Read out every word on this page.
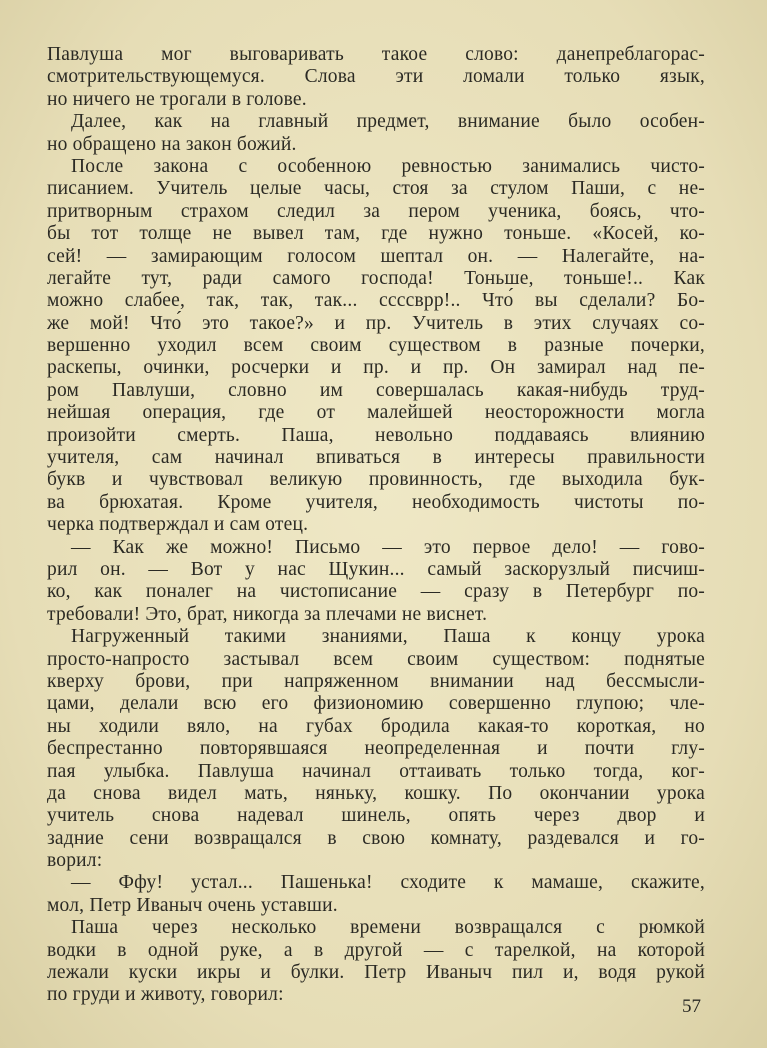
Павлуша мог выговаривать такое слово: данепреблагорас-
смотрительствующемуся. Слова эти ломали только язык,
но ничего не трогали в голове.
Далее, как на главный предмет, внимание было особен-
но обращено на закон божий.
После закона с особенною ревностью занимались чисто-
писанием. Учитель целые часы, стоя за стулом Паши, с не-
притворным страхом следил за пером ученика, боясь, что-
бы тот толще не вывел там, где нужно тоньше. «Косей, ко-
сей! — замирающим голосом шептал он. — Налегайте, на-
легайте тут, ради самого господа! Тоньше, тоньше!.. Как
можно слабее, так, так, так... ссссврр!.. Что́ вы сделали? Бо-
же мой! Что́ это такое?» и пр. Учитель в этих случаях со-
вершенно уходил всем своим существом в разные почерки,
раскепы, очинки, росчерки и пр. и пр. Он замирал над пе-
ром Павлуши, словно им совершалась какая-нибудь труд-
нейшая операция, где от малейшей неосторожности могла
произойти смерть. Паша, невольно поддаваясь влиянию
учителя, сам начинал впиваться в интересы правильности
букв и чувствовал великую провинность, где выходила бук-
ва брюхатая. Кроме учителя, необходимость чистоты по-
черка подтверждал и сам отец.
— Как же можно! Письмо — это первое дело! — гово-
рил он. — Вот у нас Щукин... самый заскорузлый писчиш-
ко, как поналег на чистописание — сразу в Петербург по-
требовали! Это, брат, никогда за плечами не виснет.
Нагруженный такими знаниями, Паша к концу урока
просто-напросто застывал всем своим существом: поднятые
кверху брови, при напряженном внимании над бессмысли-
цами, делали всю его физиономию совершенно глупою; чле-
ны ходили вяло, на губах бродила какая-то короткая, но
беспрестанно повторявшаяся неопределенная и почти глу-
пая улыбка. Павлуша начинал оттаивать только тогда, ког-
да снова видел мать, няньку, кошку. По окончании урока
учитель снова надевал шинель, опять через двор и
задние сени возвращался в свою комнату, раздевался и го-
ворил:
— Ффу! устал... Пашенька! сходите к мамаше, скажите,
мол, Петр Иваныч очень уставши.
Паша через несколько времени возвращался с рюмкой
водки в одной руке, а в другой — с тарелкой, на которой
лежали куски икры и булки. Петр Иваныч пил и, водя рукой
по груди и животу, говорил:
57
